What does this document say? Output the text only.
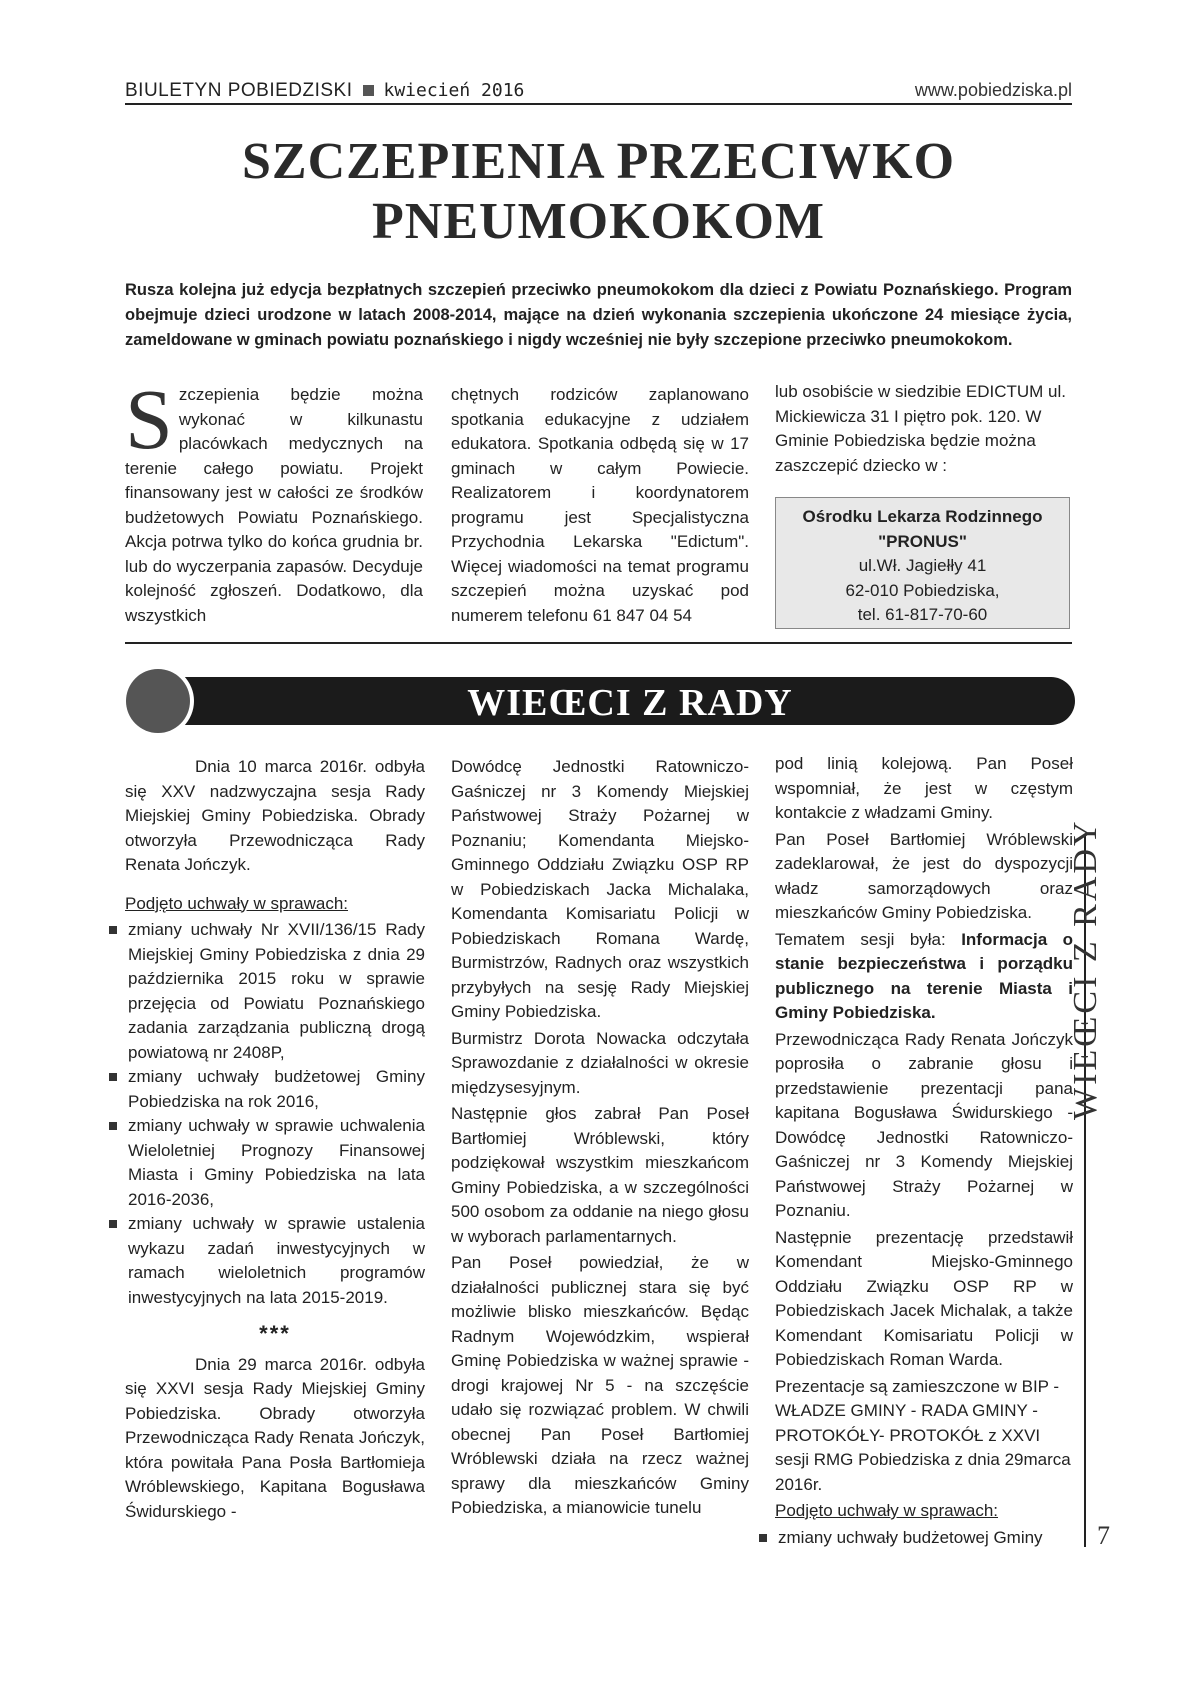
BIULETYN POBIEDZISKI kwiecień 2016	www.pobiedziska.pl
SZCZEPIENIA PRZECIWKO
PNEUMOKOKOM
Rusza kolejna już edycja bezpłatnych szczepień przeciwko pneumokokom dla dzieci z Powiatu Poznańskiego. Program obejmuje dzieci urodzone w latach 2008-2014, mające na dzień wykonania szczepienia ukończone 24 miesiące życia, zameldowane w gminach powiatu poznańskiego i nigdy wcześniej nie były szczepione przeciwko pneumokokom.
Szczepienia będzie można wykonać w kilkunastu placówkach medycznych na terenie całego powiatu. Projekt finansowany jest w całości ze środków budżetowych Powiatu Poznańskiego. Akcja potrwa tylko do końca grudnia br. lub do wyczerpania zapasów. Decyduje kolejność zgłoszeń. Dodatkowo, dla wszystkich
chętnych rodziców zaplanowano spotkania edukacyjne z udziałem edukatora. Spotkania odbędą się w 17 gminach w całym Powiecie. Realizatorem i koordynatorem programu jest Specjalistyczna Przychodnia Lekarska "Edictum". Więcej wiadomości na temat programu szczepień można uzyskać pod numerem telefonu 61 847 04 54
lub osobiście w siedzibie EDICTUM ul. Mickiewicza 31 I piętro pok. 120. W Gminie Pobiedziska będzie można zaszczepić dziecko w :
Ośrodku Lekarza Rodzinnego
"PRONUS"
ul.Wł. Jagiełły 41
62-010 Pobiedziska,
tel. 61-817-70-60
WIEŒCI Z RADY

Dnia 10 marca 2016r. odbyła się XXV nadzwyczajna sesja Rady Miejskiej Gminy Pobiedziska. Obrady otworzyła Przewodnicząca Rady Renata Jończyk.

Podjęto uchwały w sprawach:

zmiany uchwały Nr XVII/136/15 Rady Miejskiej Gminy Pobiedziska z dnia 29 października 2015 roku w sprawie przejęcia od Powiatu Poznańskiego zadania zarządzania publiczną drogą powiatową nr 2408P,
zmiany uchwały budżetowej Gminy Pobiedziska na rok 2016,
zmiany uchwały w sprawie uchwalenia Wieloletniej Prognozy Finansowej Miasta i Gminy Pobiedziska na lata 2016-2036,
zmiany uchwały w sprawie ustalenia wykazu zadań inwestycyjnych w ramach wieloletnich programów inwestycyjnych na lata 2015-2019.

***

Dnia 29 marca 2016r. odbyła się XXVI sesja Rady Miejskiej Gminy Pobiedziska. Obrady otworzyła Przewodnicząca Rady Renata Jończyk, która powitała Pana Posła Bartłomieja Wróblewskiego, Kapitana Bogusława Świdurskiego -

Dowódcę Jednostki Ratowniczo-Gaśniczej nr 3 Komendy Miejskiej Państwowej Straży Pożarnej w Poznaniu; Komendanta Miejsko-Gminnego Oddziału Związku OSP RP w Pobiedziskach Jacka Michalaka, Komendanta Komisariatu Policji w Pobiedziskach Romana Wardę, Burmistrzów, Radnych oraz wszystkich przybyłych na sesję Rady Miejskiej Gminy Pobiedziska.

Burmistrz Dorota Nowacka odczytała Sprawozdanie z działalności w okresie międzysesyjnym.

Następnie głos zabrał Pan Poseł Bartłomiej Wróblewski, który podziękował wszystkim mieszkańcom Gminy Pobiedziska, a w szczególności 500 osobom za oddanie na niego głosu w wyborach parlamentarnych.

Pan Poseł powiedział, że w działalności publicznej stara się być możliwie blisko mieszkańców. Będąc Radnym Wojewódzkim, wspierał Gminę Pobiedziska w ważnej sprawie - drogi krajowej Nr 5 - na szczęście udało się rozwiązać problem. W chwili obecnej Pan Poseł Bartłomiej Wróblewski działa na rzecz ważnej sprawy dla mieszkańców Gminy Pobiedziska, a mianowicie tunelu

pod linią kolejową. Pan Poseł wspomniał, że jest w częstym kontakcie z władzami Gminy.

Pan Poseł Bartłomiej Wróblewski zadeklarował, że jest do dyspozycji władz samorządowych oraz mieszkańców Gminy Pobiedziska.

Tematem sesji była: Informacja o stanie bezpieczeństwa i porządku publicznego na terenie Miasta i Gminy Pobiedziska.

Przewodnicząca Rady Renata Jończyk poprosiła o zabranie głosu i przedstawienie prezentacji pana kapitana Bogusława Świdurskiego - Dowódcę Jednostki Ratowniczo-Gaśniczej nr 3 Komendy Miejskiej Państwowej Straży Pożarnej w Poznaniu.

Następnie prezentację przedstawił Komendant Miejsko-Gminnego Oddziału Związku OSP RP w Pobiedziskach Jacek Michalak, a także Komendant Komisariatu Policji w Pobiedziskach Roman Warda.

Prezentacje są zamieszczone w BIP - WŁADZE GMINY - RADA GMINY - PROTOKÓŁY- PROTOKÓŁ z XXVI sesji RMG Pobiedziska z dnia 29marca 2016r.

Podjęto uchwały w sprawach:

zmiany uchwały budżetowej Gminy
WIEŒCI Z RADY
7
